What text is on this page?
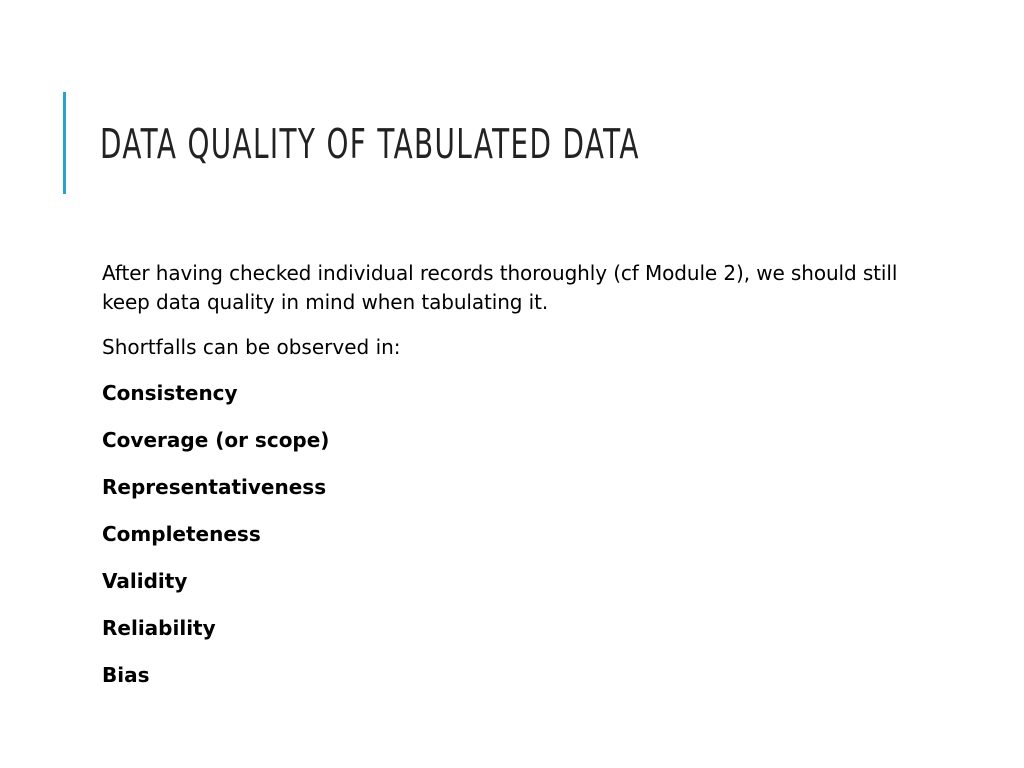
DATA QUALITY OF TABULATED DATA

After having checked individual records thoroughly (cf Module 2), we should still keep data quality in mind when tabulating it.

Shortfalls can be observed in:

Consistency

Coverage (or scope)

Representativeness

Completeness

Validity

Reliability

Bias
